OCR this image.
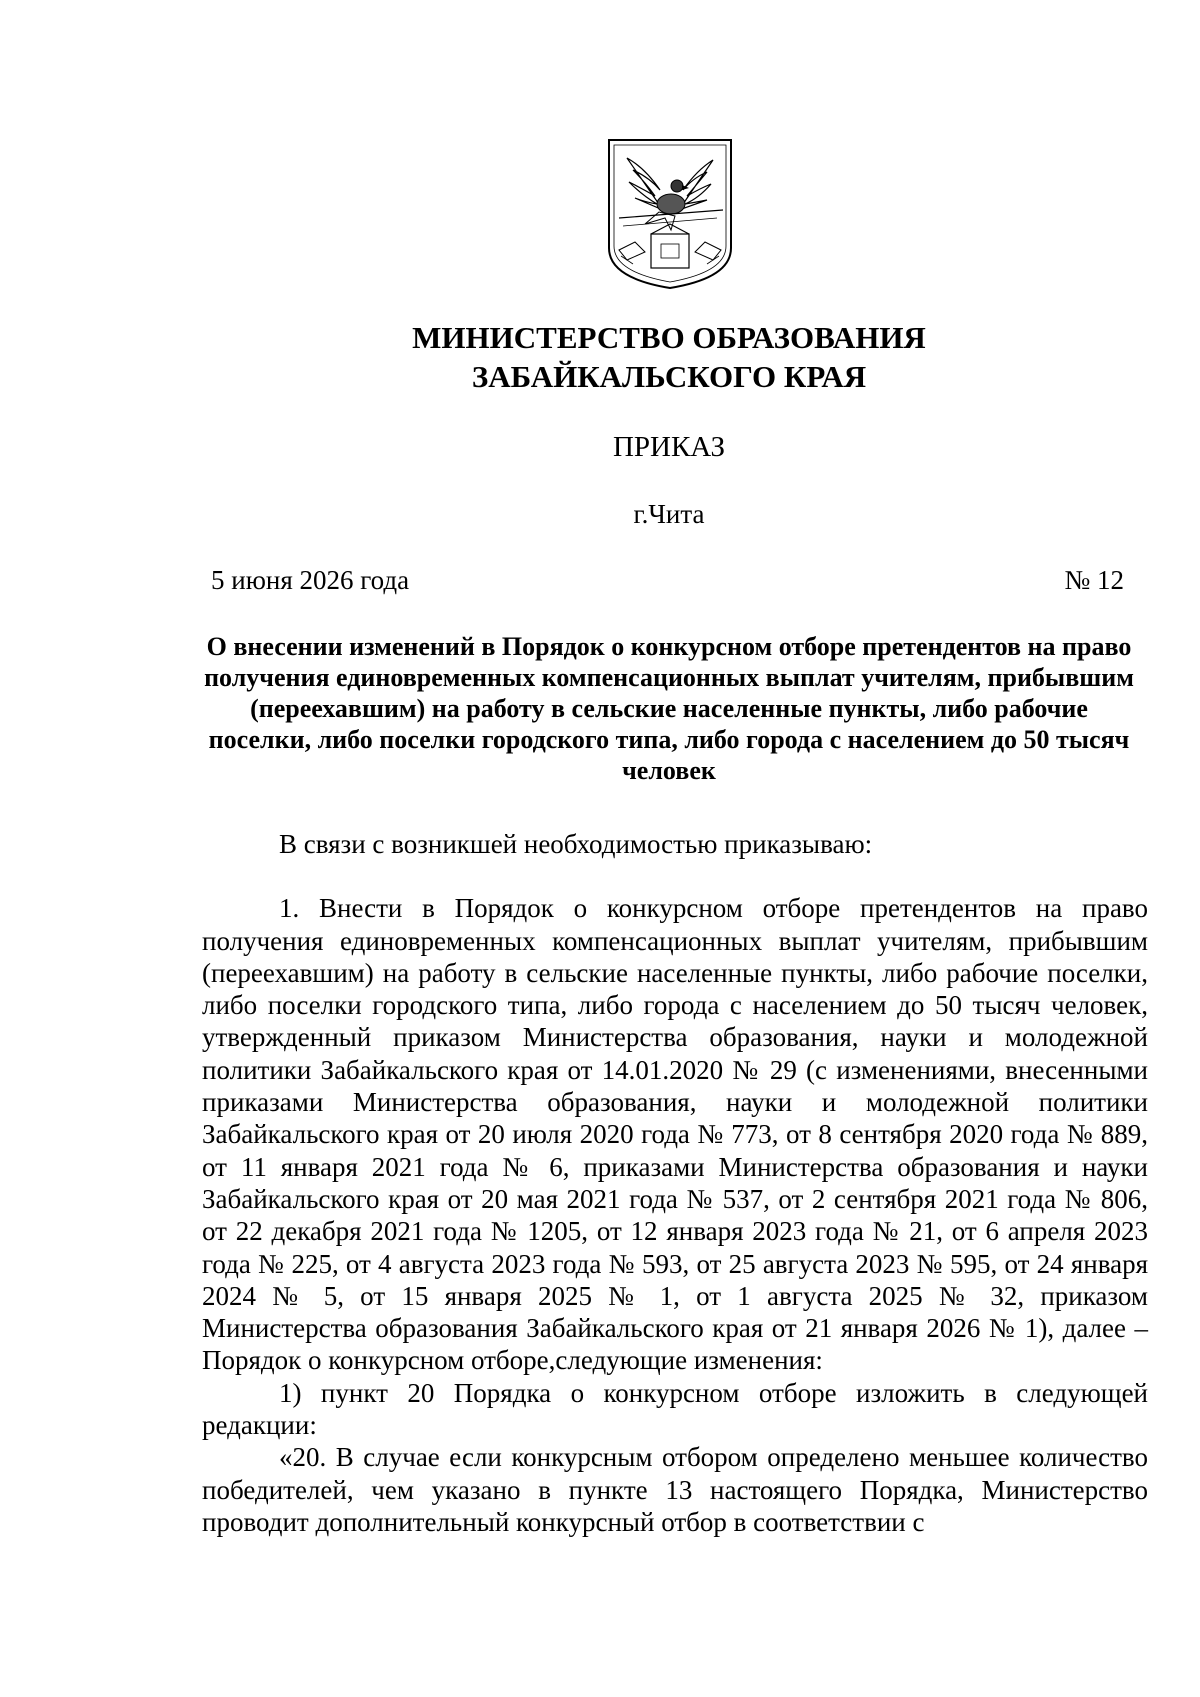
МИНИСТЕРСТВО ОБРАЗОВАНИЯ
ЗАБАЙКАЛЬСКОГО КРАЯ
ПРИКАЗ
г.Чита
5 июня 2026 года	№ 12
О внесении изменений в Порядок о конкурсном отборе претендентов на право получения единовременных компенсационных выплат учителям, прибывшим (переехавшим) на работу в сельские населенные пункты, либо рабочие поселки, либо поселки городского типа, либо города с населением до 50 тысяч человек

В связи с возникшей необходимостью приказываю:

1. Внести в Порядок о конкурсном отборе претендентов на право получения единовременных компенсационных выплат учителям, прибывшим (переехавшим) на работу в сельские населенные пункты, либо рабочие поселки, либо поселки городского типа, либо города с населением до 50 тысяч человек, утвержденный приказом Министерства образования, науки и молодежной политики Забайкальского края от 14.01.2020 № 29 (с изменениями, внесенными приказами Министерства образования, науки и молодежной политики Забайкальского края от 20 июля 2020 года № 773, от 8 сентября 2020 года № 889, от 11 января 2021 года № 6, приказами Министерства образования и науки Забайкальского края от 20 мая 2021 года № 537, от 2 сентября 2021 года № 806, от 22 декабря 2021 года № 1205, от 12 января 2023 года № 21, от 6 апреля 2023 года № 225, от 4 августа 2023 года № 593, от 25 августа 2023 № 595, от 24 января 2024 № 5, от 15 января 2025 № 1, от 1 августа 2025 № 32, приказом Министерства образования Забайкальского края от 21 января 2026 № 1), далее – Порядок о конкурсном отборе,следующие изменения:

1) пункт 20 Порядка о конкурсном отборе изложить в следующей редакции:

«20. В случае если конкурсным отбором определено меньшее количество победителей, чем указано в пункте 13 настоящего Порядка, Министерство проводит дополнительный конкурсный отбор в соответствии с
